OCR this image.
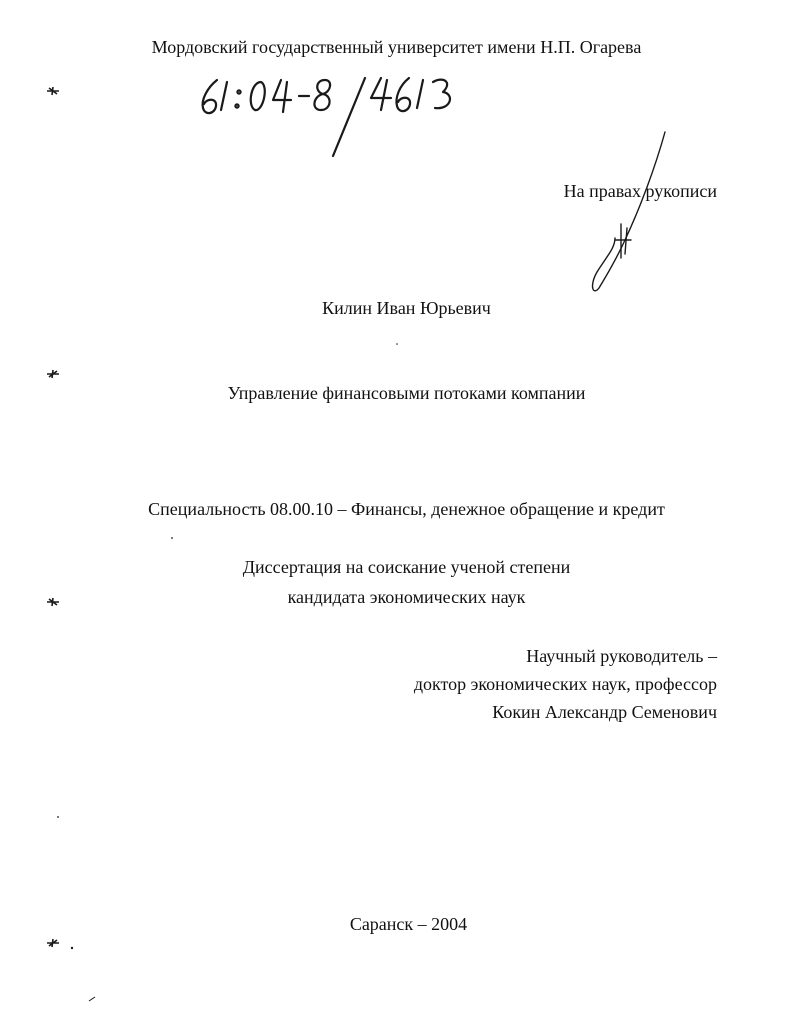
Мордовский государственный университет имени Н.П. Огарева
На правах рукописи
Килин Иван Юрьевич
Управление финансовыми потоками компании
Специальность 08.00.10 – Финансы, денежное обращение и кредит
Диссертация на соискание ученой степени
кандидата экономических наук
Научный руководитель –
доктор экономических наук, профессор
Кокин Александр Семенович
Саранск – 2004
